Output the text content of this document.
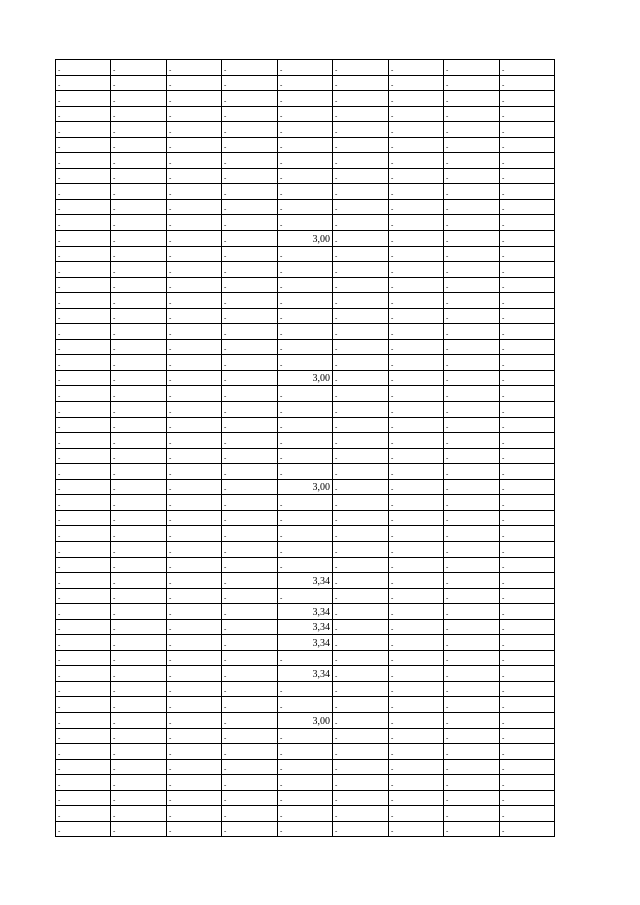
-	-	-	-	-	-	-	-	-
-	-	-	-	-	-	-	-	-
-	-	-	-	-	-	-	-	-
-	-	-	-	-	-	-	-	-
-	-	-	-	-	-	-	-	-
-	-	-	-	-	-	-	-	-
-	-	-	-	-	-	-	-	-
-	-	-	-	-	-	-	-	-
-	-	-	-	-	-	-	-	-
-	-	-	-	-	-	-	-	-
-	-	-	-	-	-	-	-	-
-	-	-	-	3,00	-	-	-	-
-	-	-	-	-	-	-	-	-
-	-	-	-	-	-	-	-	-
-	-	-	-	-	-	-	-	-
-	-	-	-	-	-	-	-	-
-	-	-	-	-	-	-	-	-
-	-	-	-	-	-	-	-	-
-	-	-	-	-	-	-	-	-
-	-	-	-	-	-	-	-	-
-	-	-	-	3,00	-	-	-	-
-	-	-	-	-	-	-	-	-
-	-	-	-	-	-	-	-	-
-	-	-	-	-	-	-	-	-
-	-	-	-	-	-	-	-	-
-	-	-	-	-	-	-	-	-
-	-	-	-	-	-	-	-	-
-	-	-	-	3,00	-	-	-	-
-	-	-	-	-	-	-	-	-
-	-	-	-	-	-	-	-	-
-	-	-	-	-	-	-	-	-
-	-	-	-	-	-	-	-	-
-	-	-	-	-	-	-	-	-
-	-	-	-	3,34	-	-	-	-
-	-	-	-	-	-	-	-	-
-	-	-	-	3,34	-	-	-	-
-	-	-	-	3,34	-	-	-	-
-	-	-	-	3,34	-	-	-	-
-	-	-	-	-	-	-	-	-
-	-	-	-	3,34	-	-	-	-
-	-	-	-	-	-	-	-	-
-	-	-	-	-	-	-	-	-
-	-	-	-	3,00	-	-	-	-
-	-	-	-	-	-	-	-	-
-	-	-	-	-	-	-	-	-
-	-	-	-	-	-	-	-	-
-	-	-	-	-	-	-	-	-
-	-	-	-	-	-	-	-	-
-	-	-	-	-	-	-	-	-
-	-	-	-	-	-	-	-	-
